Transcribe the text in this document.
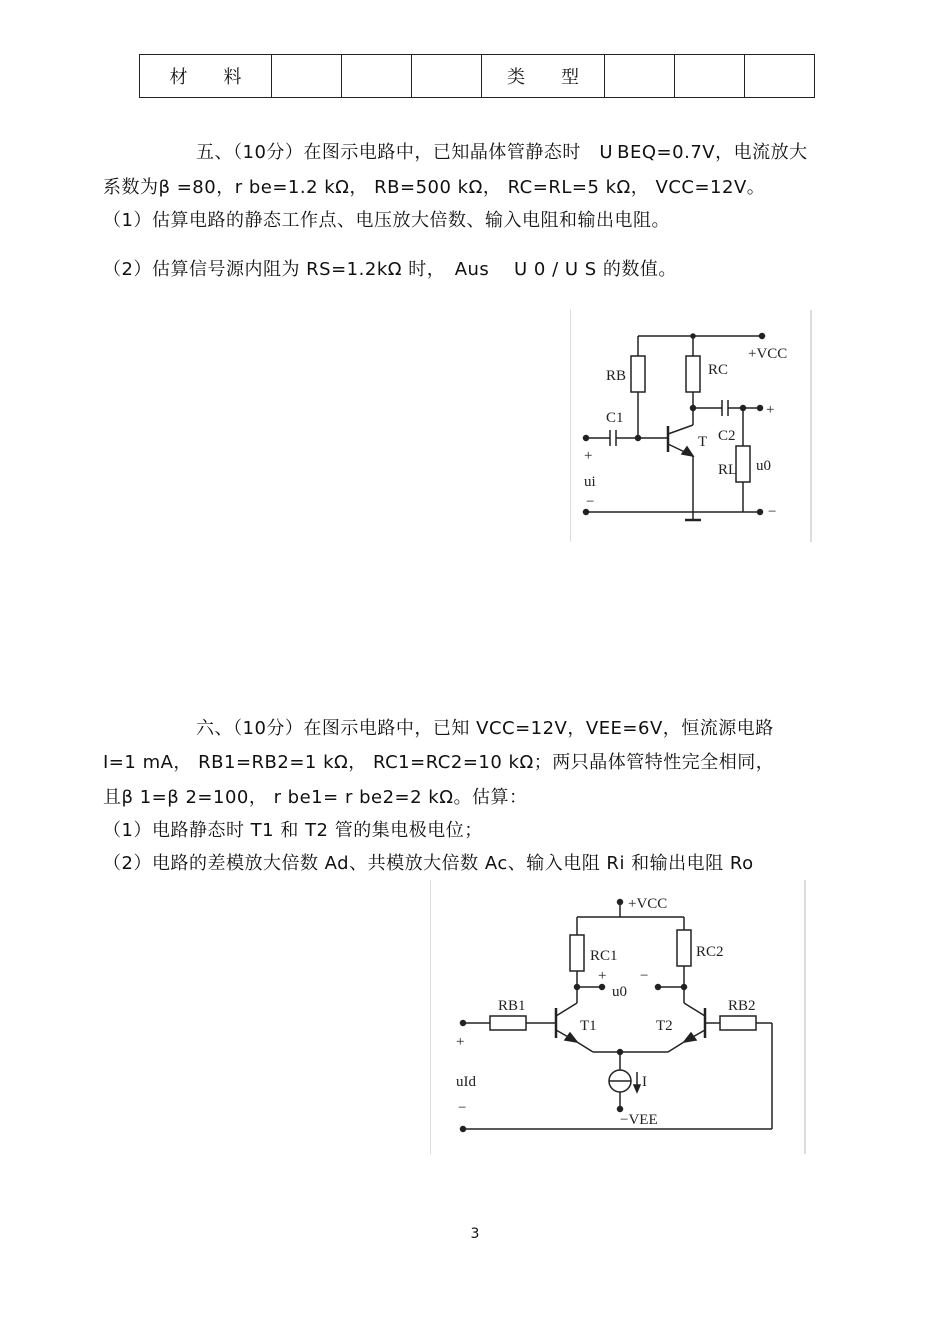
材　　料				类　　型			
五、（10分）在图示电路中，已知晶体管静态时　U BEQ=0.7V，电流放大
系数为β =80，r be=1.2 kΩ， RB=500 kΩ， RC=RL=5 kΩ， VCC=12V。
（1）估算电路的静态工作点、电压放大倍数、输入电阻和输出电阻。
（2）估算信号源内阻为 RS=1.2kΩ 时，　Aus　 U 0 / U S 的数值。
+VCC
RB	RC
C1
C2
T
RL u0
ui
+
−
+
−
六、（10分）在图示电路中，已知 VCC=12V，VEE=6V，恒流源电路
I=1 mA， RB1=RB2=1 kΩ， RC1=RC2=10 kΩ；两只晶体管特性完全相同，
且β 1=β 2=100， r be1= r be2=2 kΩ。估算：
（1）电路静态时 T1 和 T2 管的集电极电位；
（2）电路的差模放大倍数 Ad、共模放大倍数 Ac、输入电阻 Ri 和输出电阻 Ro
+VCC
RC1	RC2
u0
+ −
RB1	RB2
T1	T2
I
−VEE
uId
+
−
3
